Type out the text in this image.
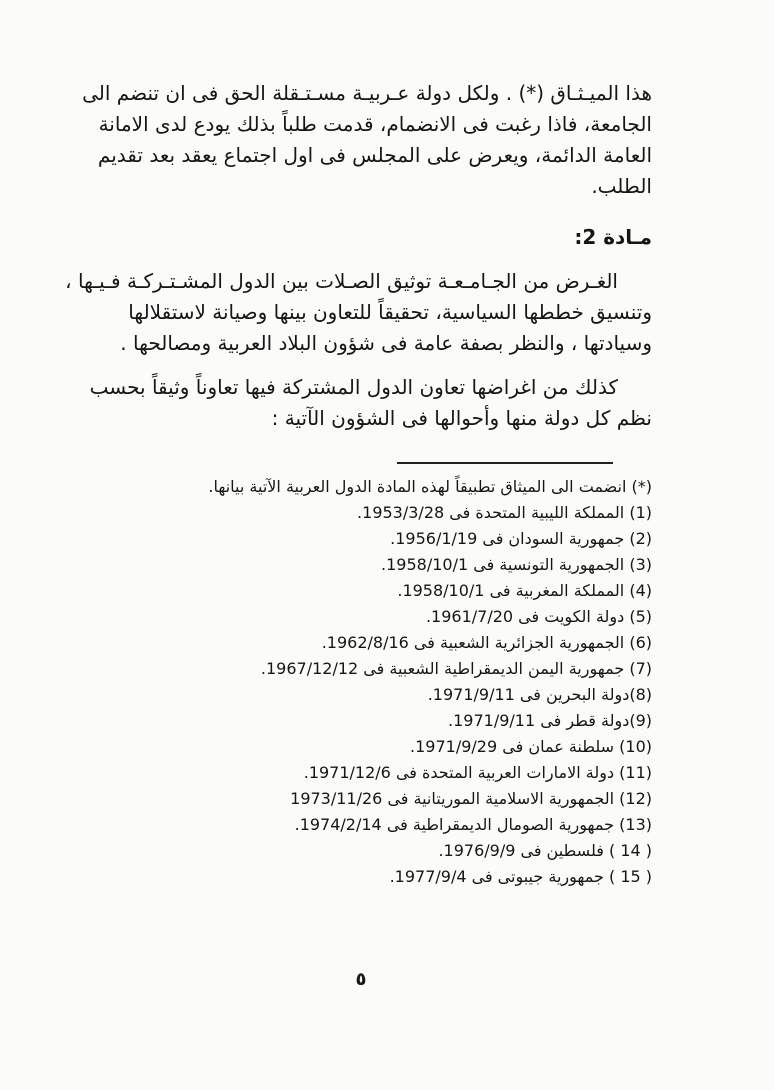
هذا الميـثـاق (*) . ولكل دولة عـربيـة مسـتـقلة الحق فى ان تنضم الى
الجامعة، فاذا رغبت فى الانضمام، قدمت طلباً بذلك يودع لدى الامانة
العامة الدائمة، ويعرض على المجلس فى اول اجتماع يعقد بعد تقديم
الطلب.
مـادة 2:
الغـرض من الجـامـعـة توثيق الصـلات بين الدول المشـتـركـة فـيـها ،
وتنسيق خططها السياسية، تحقيقاً للتعاون بينها وصيانة لاستقلالها
وسيادتها ، والنظر بصفة عامة فى شؤون البلاد العربية ومصالحها .
كذلك من اغراضها تعاون الدول المشتركة فيها تعاوناً وثيقاً بحسب
نظم كل دولة منها وأحوالها فى الشؤون الآتية :
(*) انضمت الى الميثاق تطبيقاً لهذه المادة الدول العربية الآتية بيانها.
(1) المملكة الليبية المتحدة فى 1953/3/28.
(2) جمهورية السودان فى 1956/1/19.
(3) الجمهورية التونسية فى 1958/10/1.
(4) المملكة المغربية فى 1958/10/1.
(5) دولة الكويت فى 1961/7/20.
(6) الجمهورية الجزائرية الشعبية فى 1962/8/16.
(7) جمهورية اليمن الديمقراطية الشعبية فى 1967/12/12.
(8)دولة البحرين فى 1971/9/11.
(9)دولة قطر فى 1971/9/11.
(10) سلطنة عمان فى 1971/9/29.
(11) دولة الامارات العربية المتحدة فى 1971/12/6.
(12) الجمهورية الاسلامية الموريتانية فى 1973/11/26
(13) جمهورية الصومال الديمقراطية فى 1974/2/14.
( 14 ) فلسطين فى 1976/9/9.
( 15 ) جمهورية جيبوتى فى 1977/9/4.
٥
